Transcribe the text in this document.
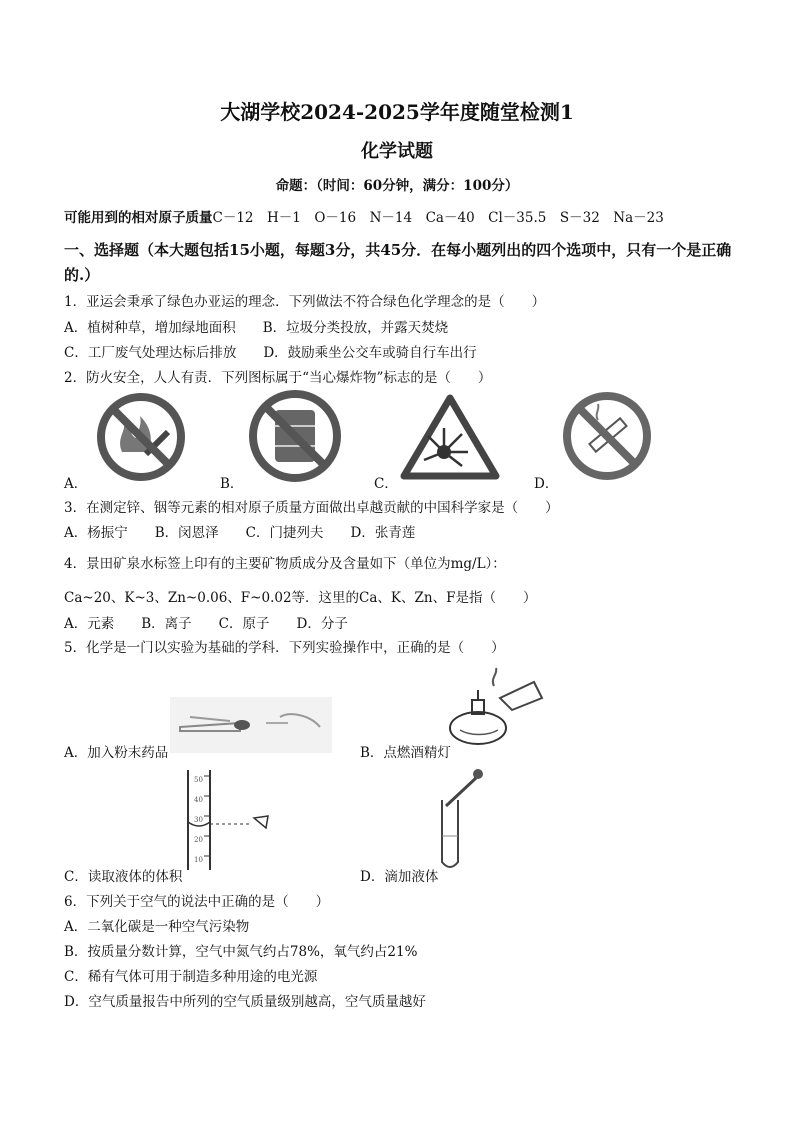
大湖学校2024-2025学年度随堂检测1
化学试题
命题：（时间：60分钟，满分：100分）
可能用到的相对原子质量C－12　H－1　O－16　N－14　Ca－40　Cl－35.5　S－32　Na－23
一、选择题（本大题包括15小题，每题3分，共45分．在每小题列出的四个选项中，只有一个是正确的.）
1．亚运会秉承了绿色办亚运的理念．下列做法不符合绿色化学理念的是（　　）
A．植树种草，增加绿地面积　　B．垃圾分类投放，并露天焚烧
C．工厂废气处理达标后排放　　D．鼓励乘坐公交车或骑自行车出行
2．防火安全，人人有责．下列图标属于“当心爆炸物”标志的是（　　）
A．	B．	C．	D．
3．在测定锌、铟等元素的相对原子质量方面做出卓越贡献的中国科学家是（　　）
A．杨振宁　　B．闵恩泽　　C．门捷列夫　　D．张青莲
4．景田矿泉水标签上印有的主要矿物质成分及含量如下（单位为mg/L）：
Ca~20、K~3、Zn~0.06、F~0.02等．这里的Ca、K、Zn、F是指（　　）
A．元素　　B．离子　　C．原子　　D．分子
5．化学是一门以实验为基础的学科．下列实验操作中，正确的是（　　）
A．加入粉末药品	B．点燃酒精灯
50
40
30
20
10
C．读取液体的体积	D．滴加液体
6．下列关于空气的说法中正确的是（　　）
A．二氧化碳是一种空气污染物
B．按质量分数计算，空气中氮气约占78%，氧气约占21%
C．稀有气体可用于制造多种用途的电光源
D．空气质量报告中所列的空气质量级别越高，空气质量越好
